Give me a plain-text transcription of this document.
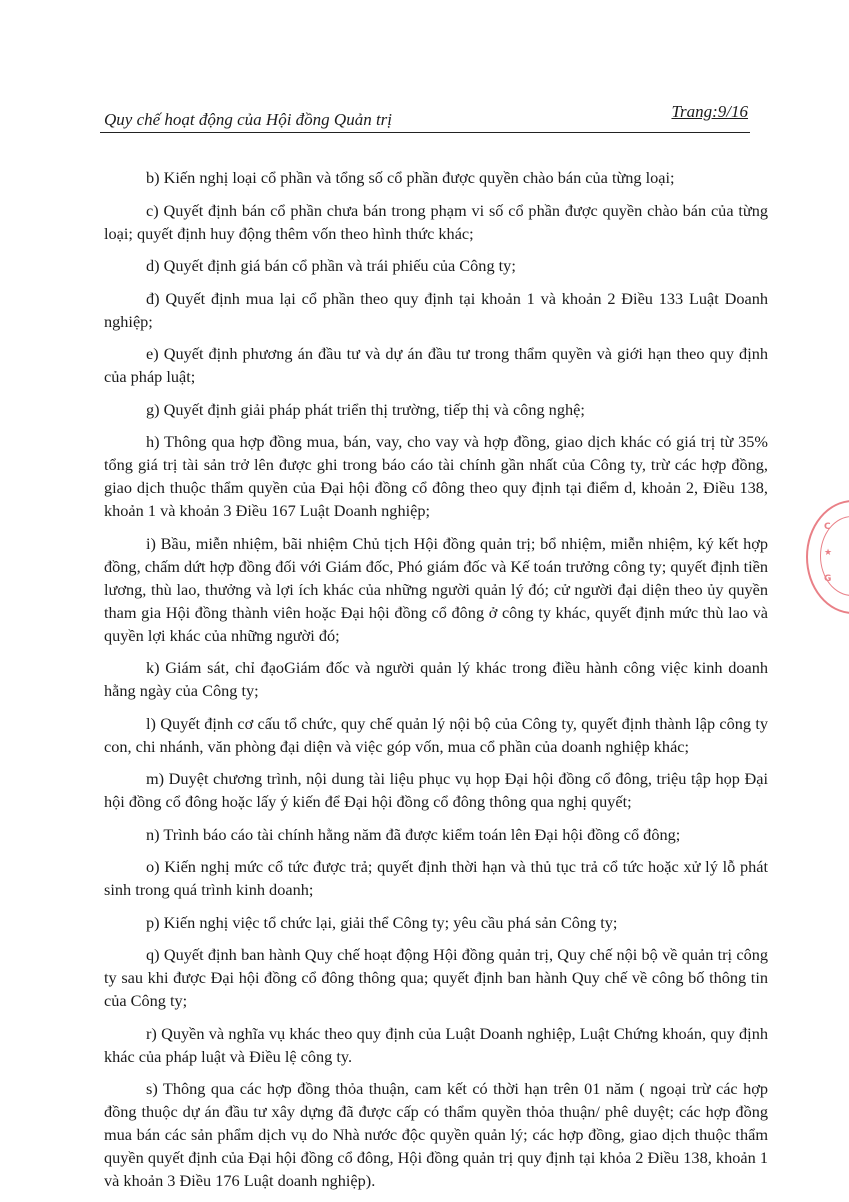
Quy chế hoạt động của Hội đồng Quản trị	Trang:9/16

b) Kiến nghị loại cổ phần và tổng số cổ phần được quyền chào bán của từng loại;

c) Quyết định bán cổ phần chưa bán trong phạm vi số cổ phần được quyền chào bán của từng loại; quyết định huy động thêm vốn theo hình thức khác;

d) Quyết định giá bán cổ phần và trái phiếu của Công ty;

đ) Quyết định mua lại cổ phần theo quy định tại khoản 1 và khoản 2 Điều 133 Luật Doanh nghiệp;

e) Quyết định phương án đầu tư và dự án đầu tư trong thẩm quyền và giới hạn theo quy định của pháp luật;

g) Quyết định giải pháp phát triển thị trường, tiếp thị và công nghệ;

h) Thông qua hợp đồng mua, bán, vay, cho vay và hợp đồng, giao dịch khác có giá trị từ 35% tổng giá trị tài sản trở lên được ghi trong báo cáo tài chính gần nhất của Công ty, trừ các hợp đồng, giao dịch thuộc thẩm quyền của Đại hội đồng cổ đông theo quy định tại điểm d, khoản 2, Điều 138, khoản 1 và khoản 3 Điều 167 Luật Doanh nghiệp;

i) Bầu, miễn nhiệm, bãi nhiệm Chủ tịch Hội đồng quản trị; bổ nhiệm, miễn nhiệm, ký kết hợp đồng, chấm dứt hợp đồng đối với Giám đốc, Phó giám đốc và Kế toán trưởng công ty; quyết định tiền lương, thù lao, thưởng và lợi ích khác của những người quản lý đó; cử người đại diện theo ủy quyền tham gia Hội đồng thành viên hoặc Đại hội đồng cổ đông ở công ty khác, quyết định mức thù lao và quyền lợi khác của những người đó;

k) Giám sát, chỉ đạoGiám đốc và người quản lý khác trong điều hành công việc kinh doanh hằng ngày của Công ty;

l) Quyết định cơ cấu tổ chức, quy chế quản lý nội bộ của Công ty, quyết định thành lập công ty con, chi nhánh, văn phòng đại diện và việc góp vốn, mua cổ phần của doanh nghiệp khác;

m) Duyệt chương trình, nội dung tài liệu phục vụ họp Đại hội đồng cổ đông, triệu tập họp Đại hội đồng cổ đông hoặc lấy ý kiến để Đại hội đồng cổ đông thông qua nghị quyết;

n) Trình báo cáo tài chính hằng năm đã được kiểm toán lên Đại hội đồng cổ đông;

o) Kiến nghị mức cổ tức được trả; quyết định thời hạn và thủ tục trả cổ tức hoặc xử lý lỗ phát sinh trong quá trình kinh doanh;

p) Kiến nghị việc tổ chức lại, giải thể Công ty; yêu cầu phá sản Công ty;

q) Quyết định ban hành Quy chế hoạt động Hội đồng quản trị, Quy chế nội bộ về quản trị công ty sau khi được Đại hội đồng cổ đông thông qua; quyết định ban hành Quy chế về công bố thông tin của Công ty;

r) Quyền và nghĩa vụ khác theo quy định của Luật Doanh nghiệp, Luật Chứng khoán, quy định khác của pháp luật và Điều lệ công ty.

s) Thông qua các hợp đồng thỏa thuận, cam kết có thời hạn trên 01 năm ( ngoại trừ các hợp đồng thuộc dự án đầu tư xây dựng đã được cấp có thẩm quyền thỏa thuận/ phê duyệt; các hợp đồng mua bán các sản phẩm dịch vụ do Nhà nước độc quyền quản lý; các hợp đồng, giao dịch thuộc thẩm quyền quyết định của Đại hội đồng cổ đông, Hội đồng quản trị quy định tại khỏa 2 Điều 138, khoản 1 và khoản 3 Điều 176 Luật doanh nghiệp).

C
★
G
